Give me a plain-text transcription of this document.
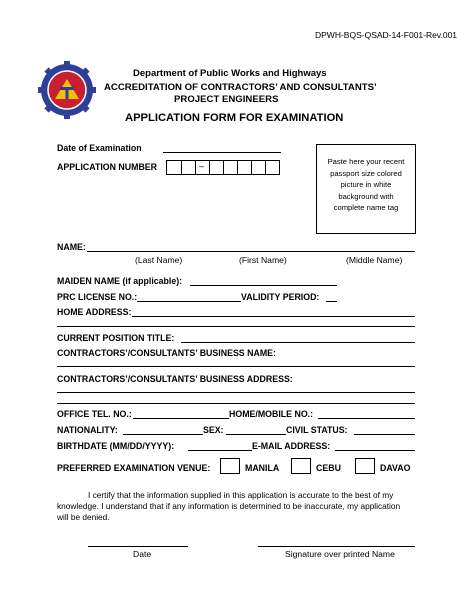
DPWH-BQS-QSAD-14-F001-Rev.001
Department of Public Works and Highways
ACCREDITATION OF CONTRACTORS’ AND CONSULTANTS’
PROJECT ENGINEERS
APPLICATION FORM FOR EXAMINATION
Date of Examination
APPLICATION NUMBER	–	Paste here your recent
passport size colored
picture in white
background with
complete name tag
NAME:
(Last Name)	(First Name)	(Middle Name)
MAIDEN NAME (if applicable):
PRC LICENSE NO.:	VALIDITY PERIOD:
HOME ADDRESS:
CURRENT POSITION TITLE:
CONTRACTORS’/CONSULTANTS’ BUSINESS NAME:
CONTRACTORS’/CONSULTANTS’ BUSINESS ADDRESS:
OFFICE TEL. NO.:	HOME/MOBILE NO.:
NATIONALITY:	SEX:	CIVIL STATUS:
BIRTHDATE (MM/DD/YYYY):	E-MAIL ADDRESS:
PREFERRED EXAMINATION VENUE:	MANILA	CEBU	DAVAO
I certify that the information supplied in this application is accurate to the best of my
knowledge. I understand that if any information is determined to be inaccurate, my application
will be denied.
Date	Signature over printed Name
